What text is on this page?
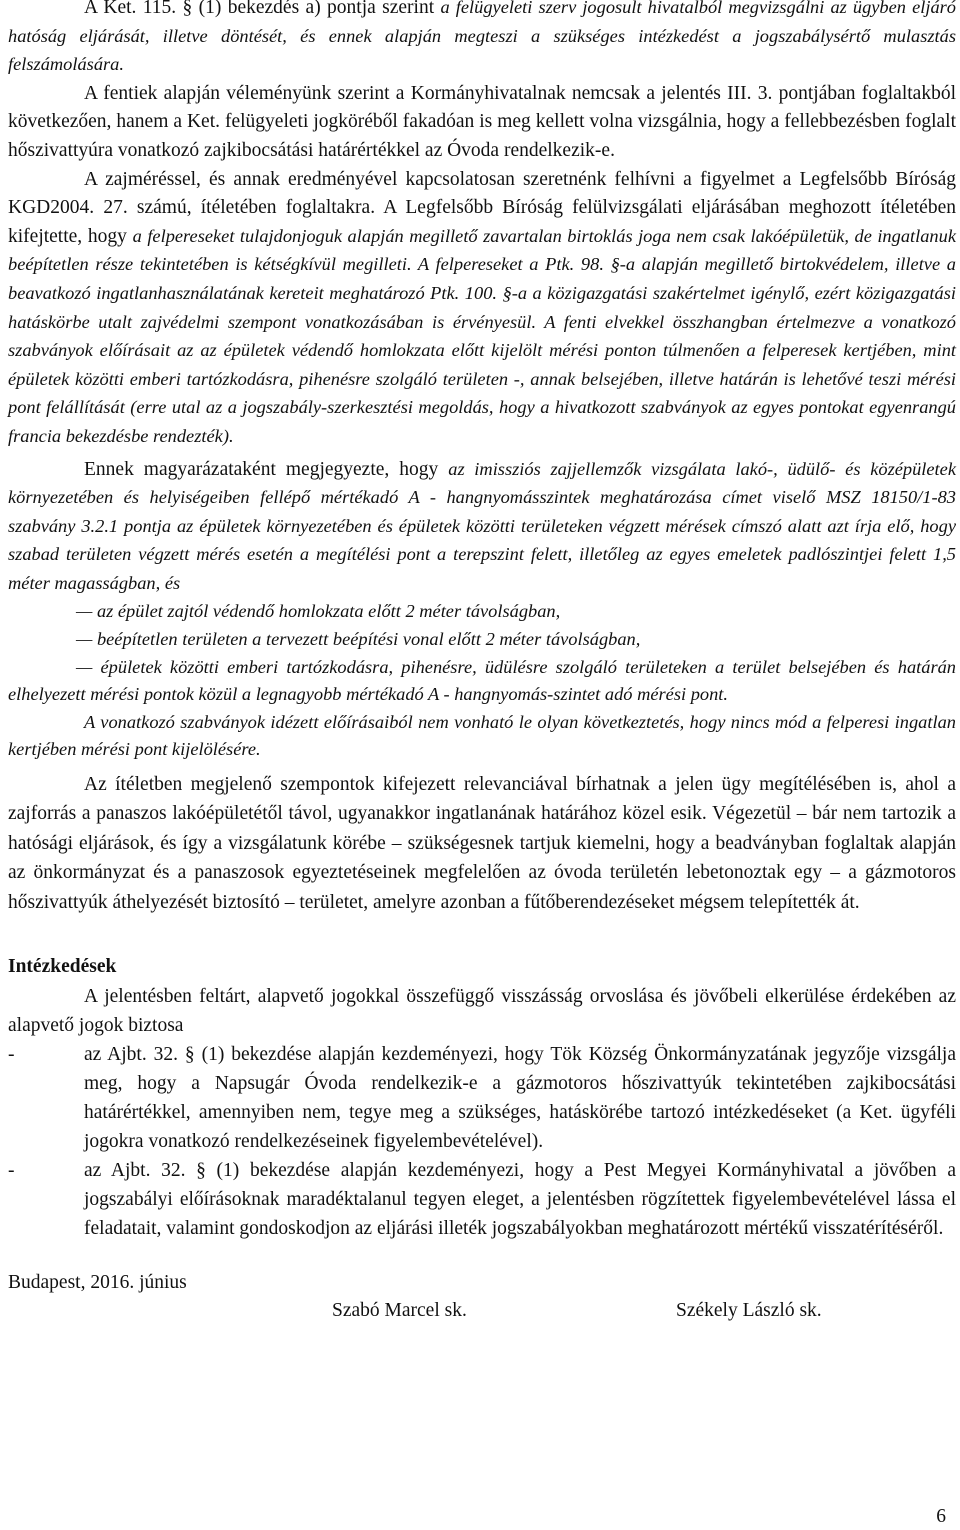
A Ket. 115. § (1) bekezdés a) pontja szerint a felügyeleti szerv jogosult hivatalból megvizsgálni az ügyben eljáró hatóság eljárását, illetve döntését, és ennek alapján megteszi a szükséges intézkedést a jogszabálysértő mulasztás felszámolására.

A fentiek alapján véleményünk szerint a Kormányhivatalnak nemcsak a jelentés III. 3. pontjában foglaltakból következően, hanem a Ket. felügyeleti jogköréből fakadóan is meg kellett volna vizsgálnia, hogy a fellebbezésben foglalt hőszivattyúra vonatkozó zajkibocsátási határértékkel az Óvoda rendelkezik-e.

A zajméréssel, és annak eredményével kapcsolatosan szeretnénk felhívni a figyelmet a Legfelsőbb Bíróság KGD2004. 27. számú, ítéletében foglaltakra. A Legfelsőbb Bíróság felülvizsgálati eljárásában meghozott ítéletében kifejtette, hogy a felpereseket tulajdonjoguk alapján megillető zavartalan birtoklás joga nem csak lakóépületük, de ingatlanuk beépítetlen része tekintetében is kétségkívül megilleti. A felpereseket a Ptk. 98. §-a alapján megillető birtokvédelem, illetve a beavatkozó ingatlanhasználatának kereteit meghatározó Ptk. 100. §-a a közigazgatási szakértelmet igénylő, ezért közigazgatási hatáskörbe utalt zajvédelmi szempont vonatkozásában is érvényesül. A fenti elvekkel összhangban értelmezve a vonatkozó szabványok előírásait az az épületek védendő homlokzata előtt kijelölt mérési ponton túlmenően a felperesek kertjében, mint épületek közötti emberi tartózkodásra, pihenésre szolgáló területen -, annak belsejében, illetve határán is lehetővé teszi mérési pont felállítását (erre utal az a jogszabály-szerkesztési megoldás, hogy a hivatkozott szabványok az egyes pontokat egyenrangú francia bekezdésbe rendezték).

Ennek magyarázataként megjegyezte, hogy az imissziós zajjellemzők vizsgálata lakó-, üdülő- és középületek környezetében és helyiségeiben fellépő mértékadó A - hangnyomásszintek meghatározása címet viselő MSZ 18150/1-83 szabvány 3.2.1 pontja az épületek környezetében és épületek közötti területeken végzett mérések címszó alatt azt írja elő, hogy szabad területen végzett mérés esetén a megítélési pont a terepszint felett, illetőleg az egyes emeletek padlószintjei felett 1,5 méter magasságban, és

— az épület zajtól védendő homlokzata előtt 2 méter távolságban,

— beépítetlen területen a tervezett beépítési vonal előtt 2 méter távolságban,

— épületek közötti emberi tartózkodásra, pihenésre, üdülésre szolgáló területeken a terület belsejében és határán elhelyezett mérési pontok közül a legnagyobb mértékadó A - hangnyomás-szintet adó mérési pont.

A vonatkozó szabványok idézett előírásaiból nem vonható le olyan következtetés, hogy nincs mód a felperesi ingatlan kertjében mérési pont kijelölésére.

Az ítéletben megjelenő szempontok kifejezett relevanciával bírhatnak a jelen ügy megítélésében is, ahol a zajforrás a panaszos lakóépületétől távol, ugyanakkor ingatlanának határához közel esik. Végezetül – bár nem tartozik a hatósági eljárások, és így a vizsgálatunk körébe – szükségesnek tartjuk kiemelni, hogy a beadványban foglaltak alapján az önkormányzat és a panaszosok egyeztetéseinek megfelelően az óvoda területén lebetonoztak egy – a gázmotoros hőszivattyúk áthelyezését biztosító – területet, amelyre azonban a fűtőberendezéseket mégsem telepítették át.

Intézkedések

A jelentésben feltárt, alapvető jogokkal összefüggő visszásság orvoslása és jövőbeli elkerülése érdekében az alapvető jogok biztosa

-	az Ajbt. 32. § (1) bekezdése alapján kezdeményezi, hogy Tök Község Önkormányzatának jegyzője vizsgálja meg, hogy a Napsugár Óvoda rendelkezik-e a gázmotoros hőszivattyúk tekintetében zajkibocsátási határértékkel, amennyiben nem, tegye meg a szükséges, hatáskörébe tartozó intézkedéseket (a Ket. ügyféli jogokra vonatkozó rendelkezéseinek figyelembevételével).

-	az Ajbt. 32. § (1) bekezdése alapján kezdeményezi, hogy a Pest Megyei Kormányhivatal a jövőben a jogszabályi előírásoknak maradéktalanul tegyen eleget, a jelentésben rögzítettek figyelembevételével lássa el feladatait, valamint gondoskodjon az eljárási illeték jogszabályokban meghatározott mértékű visszatérítéséről.

Budapest, 2016. június

Szabó Marcel sk.	Székely László sk.
6
